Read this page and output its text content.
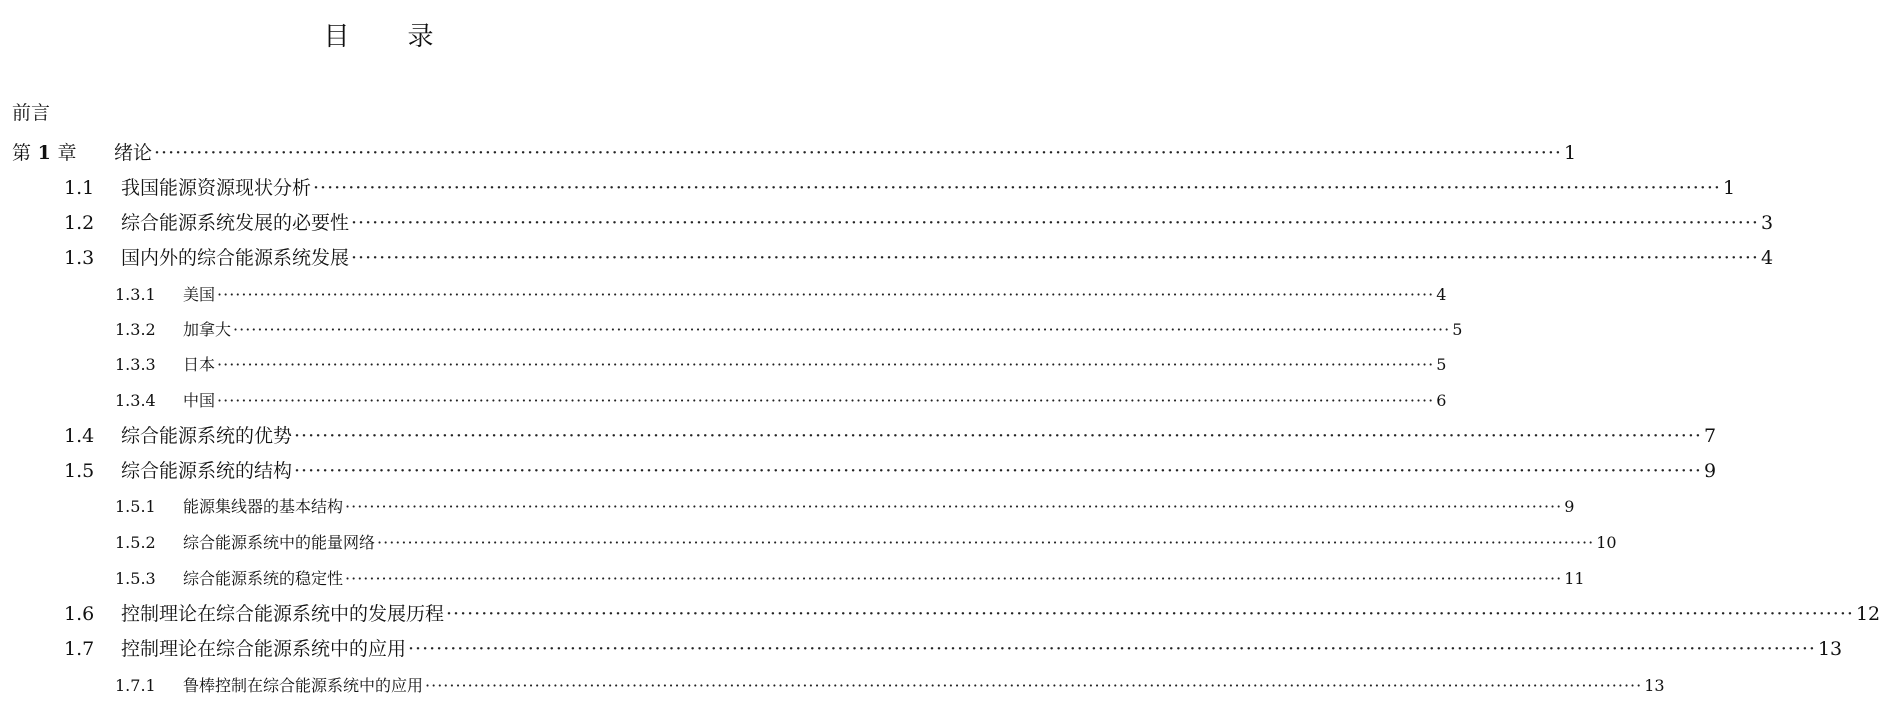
目 录
前言
第 1 章	绪论 ········································································································································································································ 1
1.1	我国能源资源现状分析 ········································································································································································································ 1
1.2	综合能源系统发展的必要性 ········································································································································································································ 3
1.3	国内外的综合能源系统发展 ········································································································································································································ 4
1.3.1	美国 ········································································································································································································ 4
1.3.2	加拿大 ········································································································································································································ 5
1.3.3	日本 ········································································································································································································ 5
1.3.4	中国 ········································································································································································································ 6
1.4	综合能源系统的优势 ········································································································································································································ 7
1.5	综合能源系统的结构 ········································································································································································································ 9
1.5.1	能源集线器的基本结构 ········································································································································································································ 9
1.5.2	综合能源系统中的能量网络 ········································································································································································································ 10
1.5.3	综合能源系统的稳定性 ········································································································································································································ 11
1.6	控制理论在综合能源系统中的发展历程 ········································································································································································································ 12
1.7	控制理论在综合能源系统中的应用 ········································································································································································································ 13
1.7.1	鲁棒控制在综合能源系统中的应用 ········································································································································································································ 13
